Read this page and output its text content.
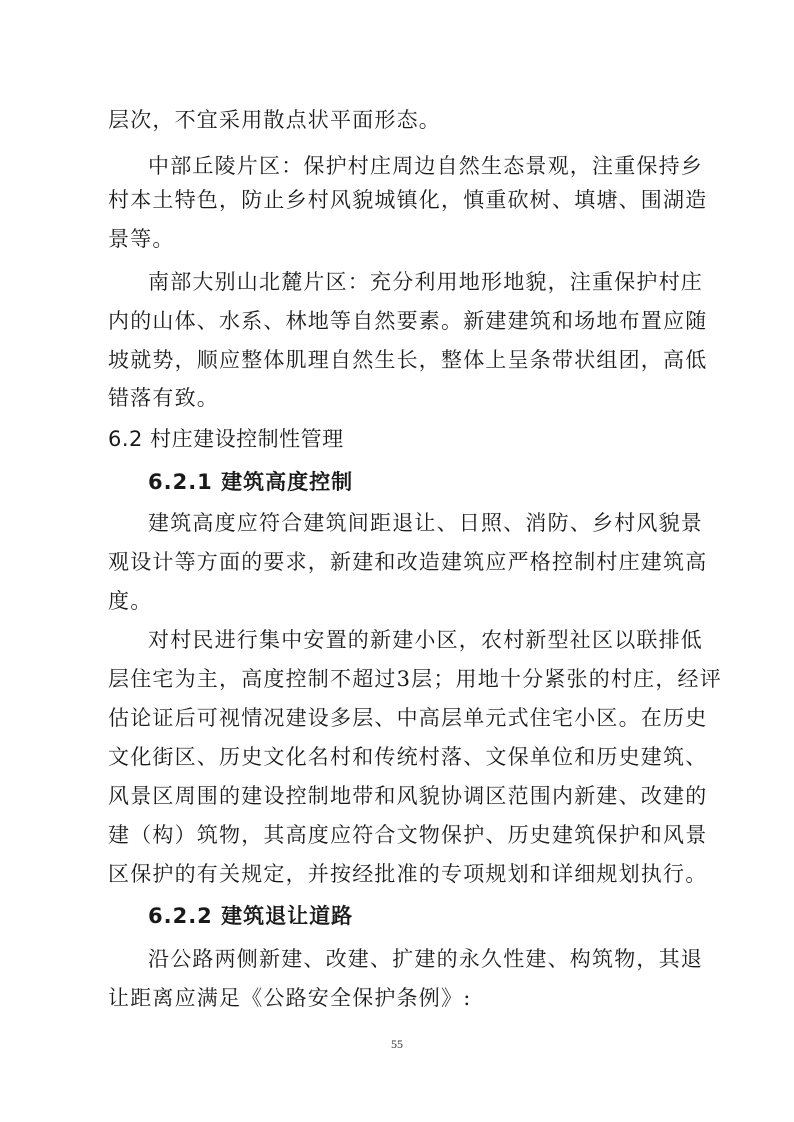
层次，不宜采用散点状平面形态。
中部丘陵片区：保护村庄周边自然生态景观，注重保持乡
村本土特色，防止乡村风貌城镇化，慎重砍树、填塘、围湖造
景等。
南部大别山北麓片区：充分利用地形地貌，注重保护村庄
内的山体、水系、林地等自然要素。新建建筑和场地布置应随
坡就势，顺应整体肌理自然生长，整体上呈条带状组团，高低
错落有致。
6.2 村庄建设控制性管理
6.2.1 建筑高度控制
建筑高度应符合建筑间距退让、日照、消防、乡村风貌景
观设计等方面的要求，新建和改造建筑应严格控制村庄建筑高
度。
对村民进行集中安置的新建小区，农村新型社区以联排低
层住宅为主，高度控制不超过3层；用地十分紧张的村庄，经评
估论证后可视情况建设多层、中高层单元式住宅小区。在历史
文化街区、历史文化名村和传统村落、文保单位和历史建筑、
风景区周围的建设控制地带和风貌协调区范围内新建、改建的
建（构）筑物，其高度应符合文物保护、历史建筑保护和风景
区保护的有关规定，并按经批准的专项规划和详细规划执行。
6.2.2 建筑退让道路
沿公路两侧新建、改建、扩建的永久性建、构筑物，其退
让距离应满足《公路安全保护条例》:
55
